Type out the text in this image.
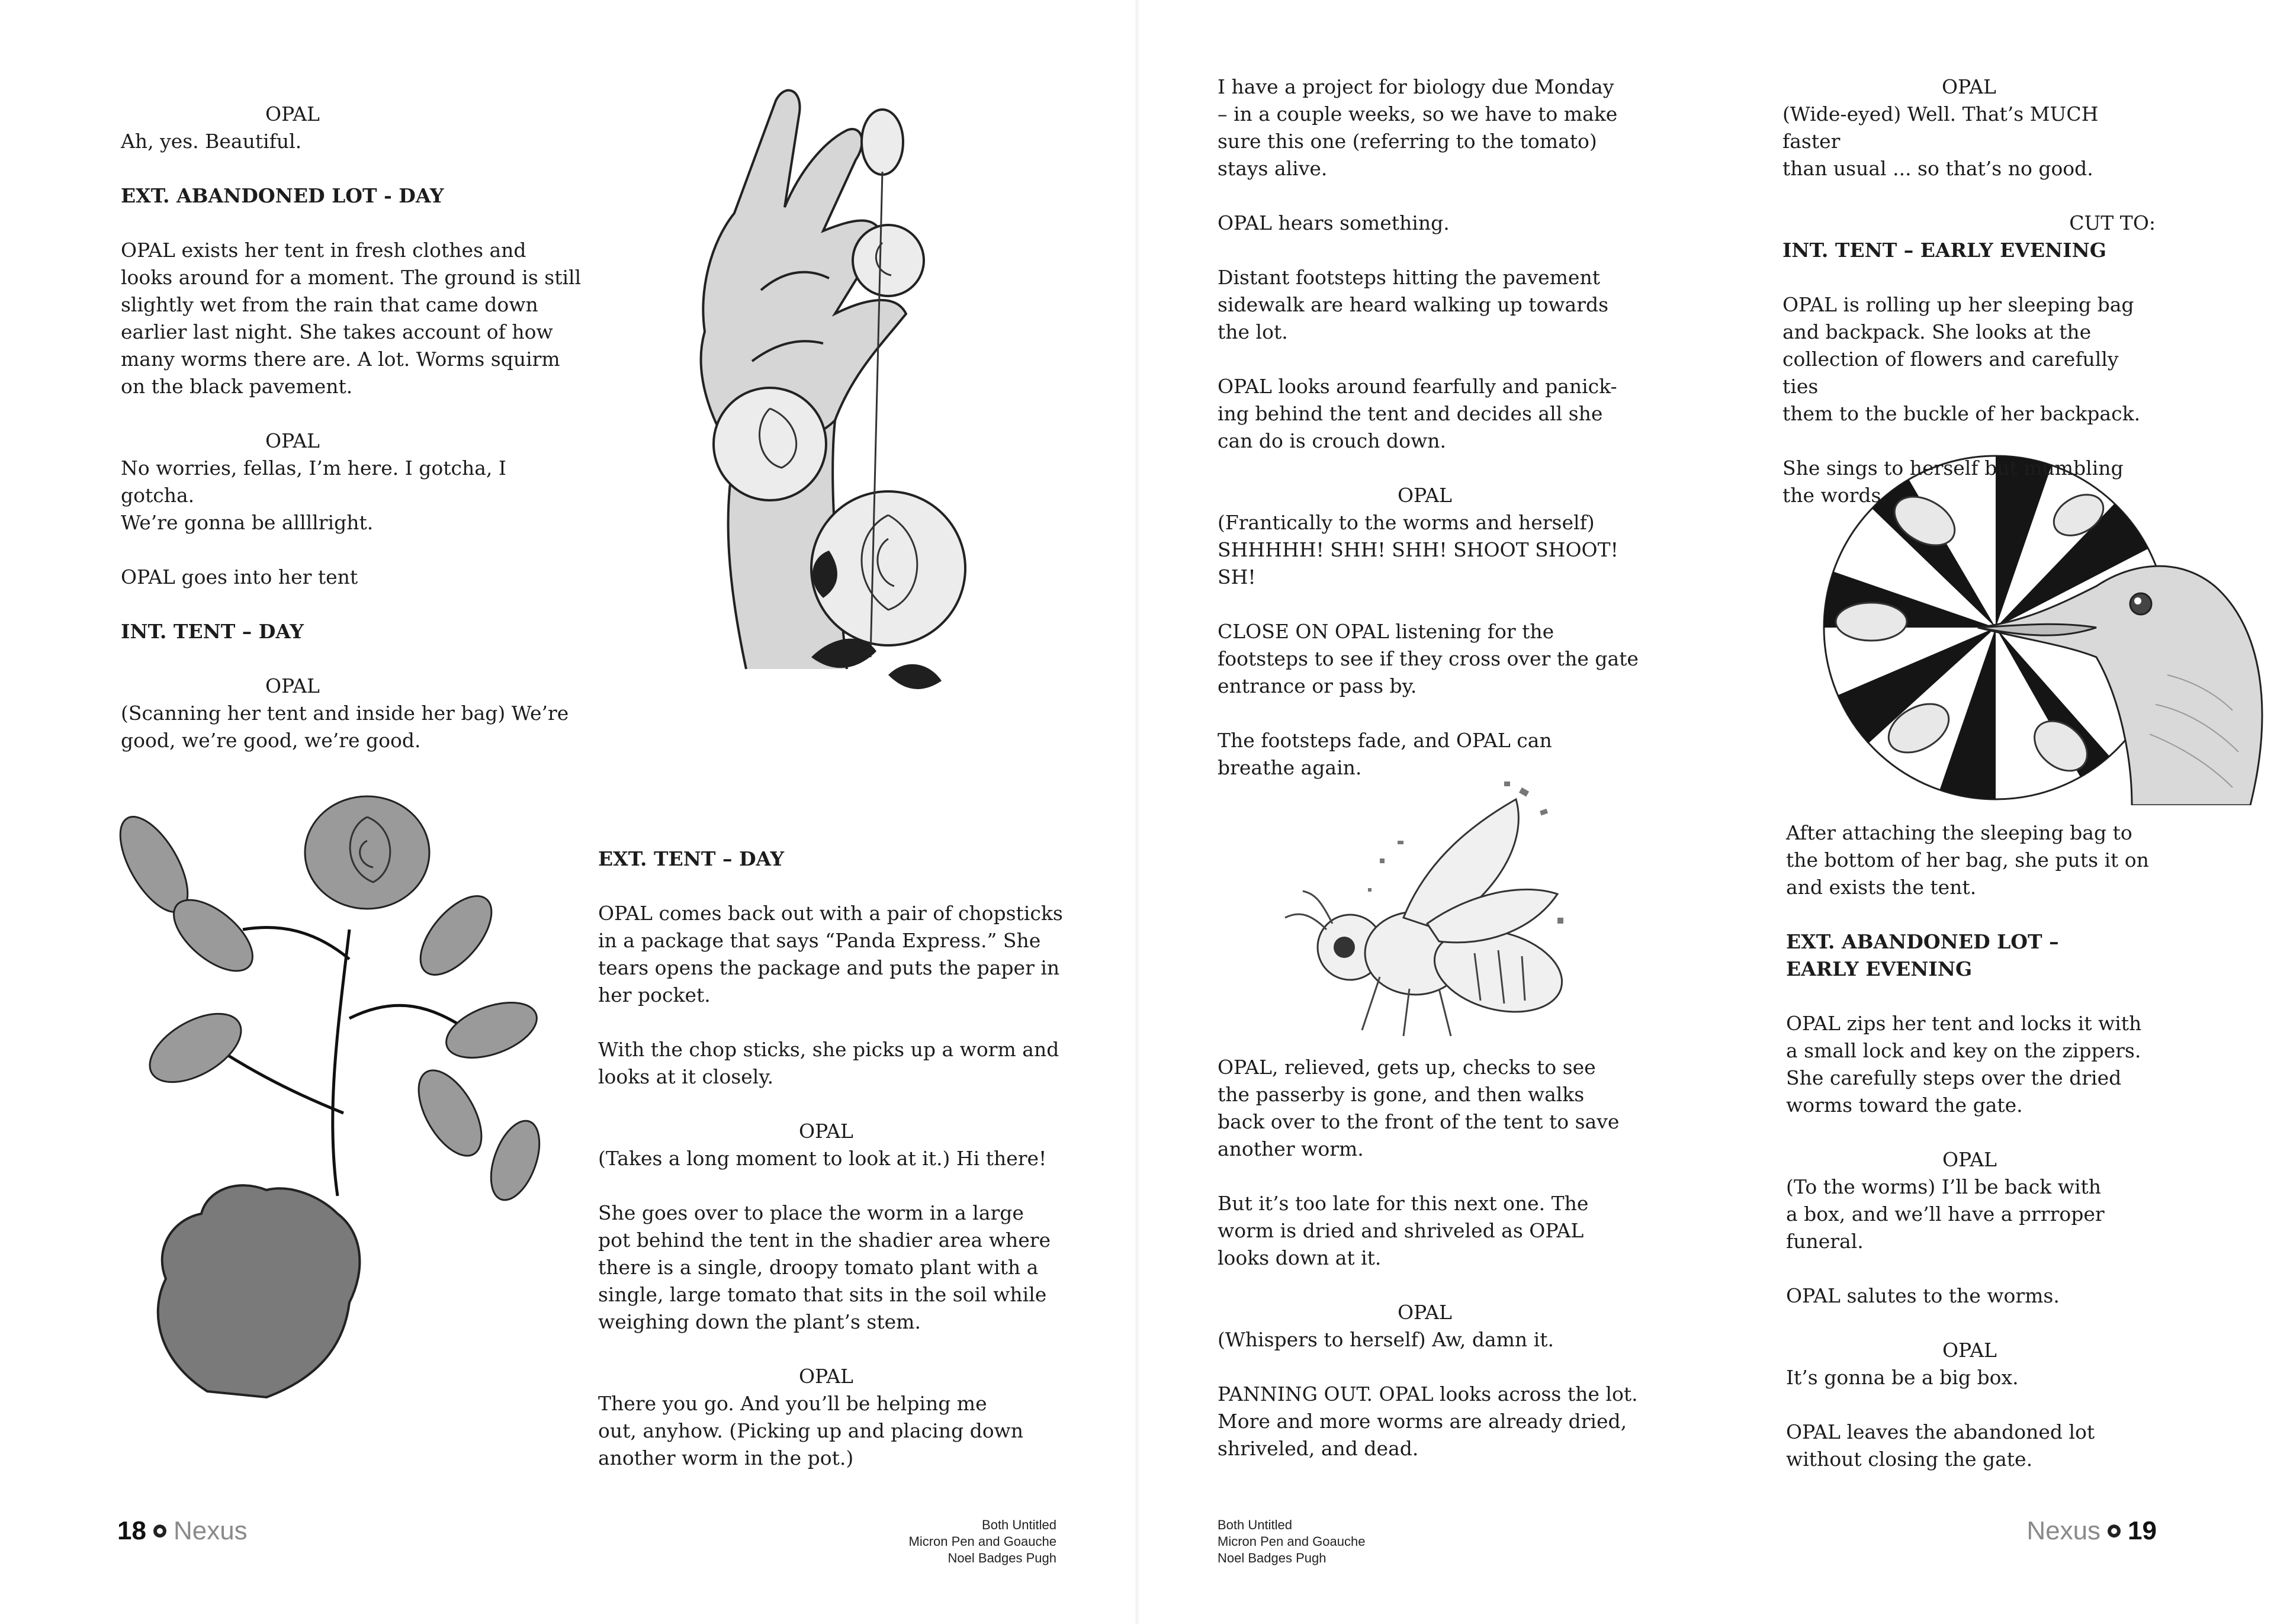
OPAL

Ah, yes. Beautiful.

EXT. ABANDONED LOT - DAY

OPAL exists her tent in fresh clothes and
looks around for a moment. The ground is still
slightly wet from the rain that came down
earlier last night. She takes account of how
many worms there are. A lot. Worms squirm
on the black pavement.

OPAL

No worries, fellas, I’m here. I gotcha, I gotcha.
We’re gonna be allllright.

OPAL goes into her tent

INT. TENT – DAY
OPAL

(Scanning her tent and inside her bag) We’re
good, we’re good, we’re good.

EXT. TENT – DAY

OPAL comes back out with a pair of chopsticks
in a package that says “Panda Express.” She
tears opens the package and puts the paper in
her pocket.

With the chop sticks, she picks up a worm and
looks at it closely.

OPAL

(Takes a long moment to look at it.) Hi there!

She goes over to place the worm in a large
pot behind the tent in the shadier area where
there is a single, droopy tomato plant with a
single, large tomato that sits in the soil while
weighing down the plant’s stem.

OPAL

There you go. And you’ll be helping me
out, anyhow. (Picking up and placing down
another worm in the pot.)

I have a project for biology due Monday
– in a couple weeks, so we have to make
sure this one (referring to the tomato)
stays alive.

OPAL hears something.

Distant footsteps hitting the pavement
sidewalk are heard walking up towards
the lot.

OPAL looks around fearfully and panick-
ing behind the tent and decides all she
can do is crouch down.

OPAL

(Frantically to the worms and herself)
SHHHHH! SHH! SHH! SHOOT SHOOT!
SH!

CLOSE ON OPAL listening for the
footsteps to see if they cross over the gate
entrance or pass by.

The footsteps fade, and OPAL can
breathe again.

OPAL, relieved, gets up, checks to see
the passerby is gone, and then walks
back over to the front of the tent to save
another worm.

But it’s too late for this next one. The
worm is dried and shriveled as OPAL
looks down at it.

OPAL

(Whispers to herself) Aw, damn it.

PANNING OUT. OPAL looks across the lot.
More and more worms are already dried,
shriveled, and dead.

OPAL

(Wide-eyed) Well. That’s MUCH faster
than usual ... so that’s no good.

CUT TO:
INT. TENT – EARLY EVENING

OPAL is rolling up her sleeping bag
and backpack. She looks at the
collection of flowers and carefully ties
them to the buckle of her backpack.

She sings to herself but mumbling
the words.

After attaching the sleeping bag to
the bottom of her bag, she puts it on
and exists the tent.

EXT. ABANDONED LOT –
EARLY EVENING

OPAL zips her tent and locks it with
a small lock and key on the zippers.
She carefully steps over the dried
worms toward the gate.

OPAL

(To the worms) I’ll be back with
a box, and we’ll have a prrroper
funeral.

OPAL salutes to the worms.

OPAL

It’s gonna be a big box.

OPAL leaves the abandoned lot
without closing the gate.

18 Nexus	Nexus 19
Both Untitled
Micron Pen and Goauche
Noel Badges Pugh
Both Untitled
Micron Pen and Goauche
Noel Badges Pugh
